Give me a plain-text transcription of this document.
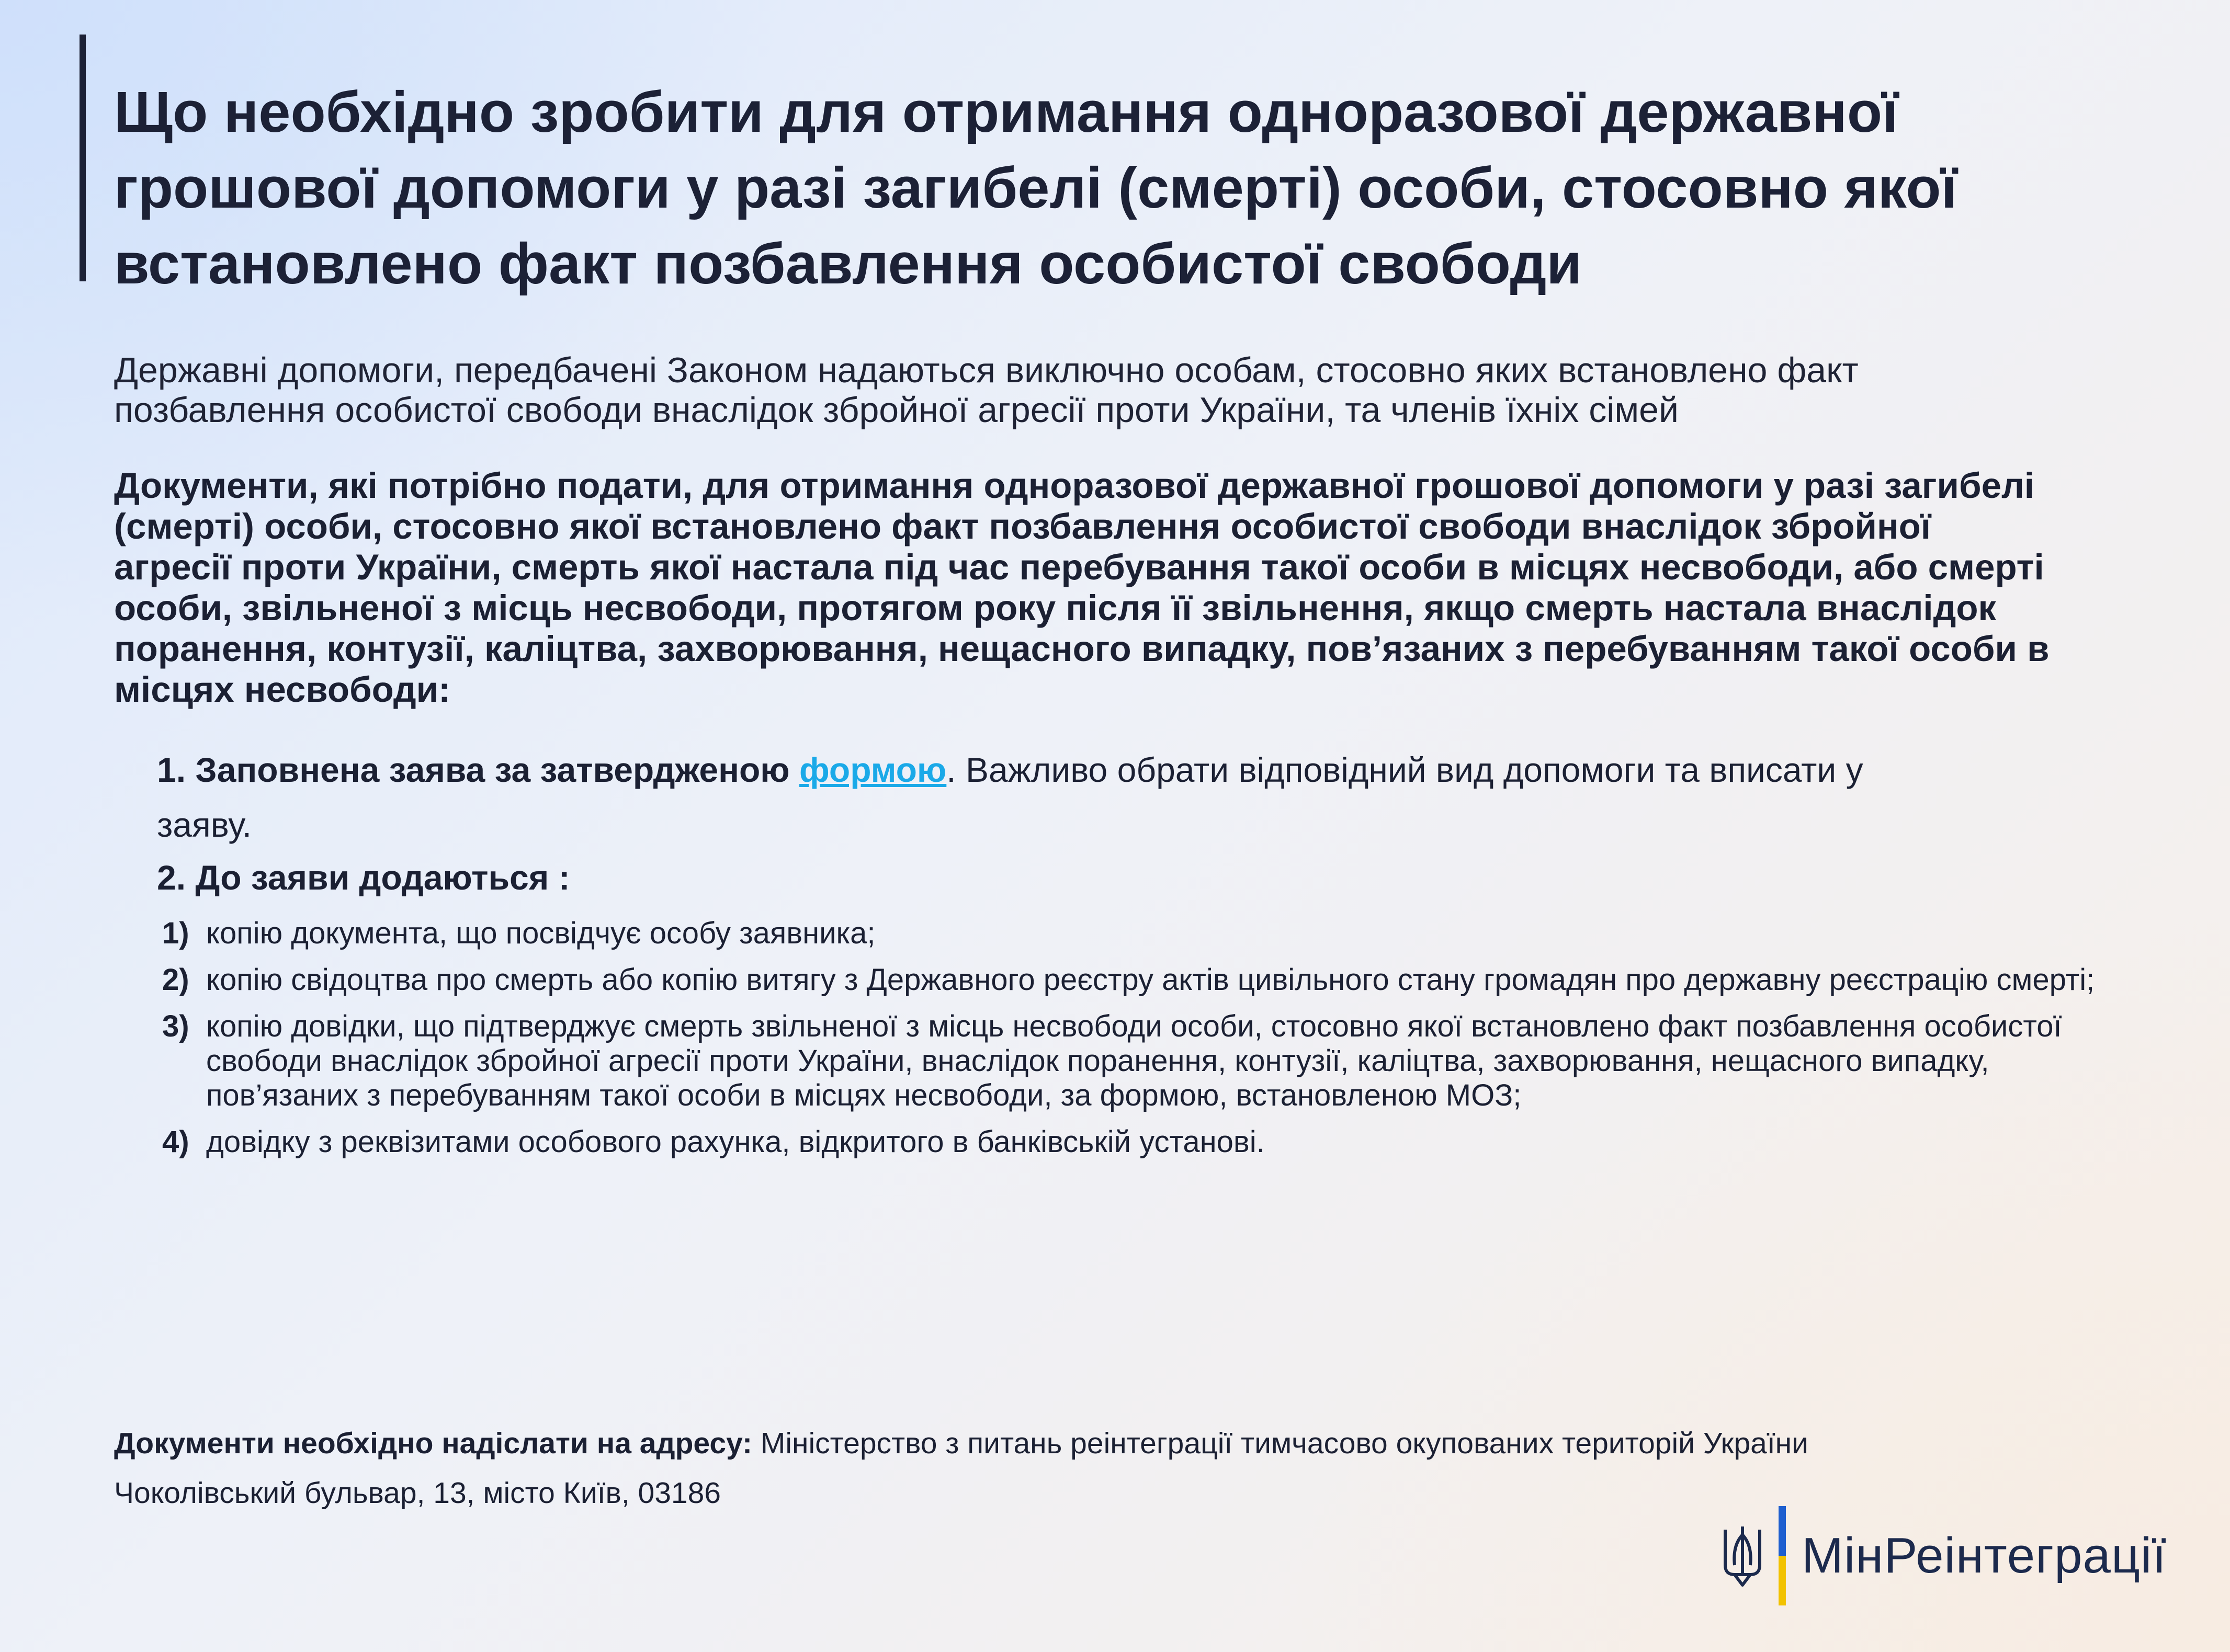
Що необхідно зробити для отримання одноразової державної грошової допомоги у разі загибелі (смерті) особи, стосовно якої встановлено факт позбавлення особистої свободи

Державні допомоги, передбачені Законом надаються виключно особам, стосовно яких встановлено факт позбавлення особистої свободи внаслідок збройної агресії проти України, та членів їхніх сімей

Документи, які потрібно подати, для отримання одноразової державної грошової допомоги у разі загибелі (смерті) особи, стосовно якої встановлено факт позбавлення особистої свободи внаслідок збройної агресії проти України, смерть якої настала під час перебування такої особи в місцях несвободи, або смерті особи, звільненої з місць несвободи, протягом року після її звільнення, якщо смерть настала внаслідок поранення, контузії, каліцтва, захворювання, нещасного випадку, пов’язаних з перебуванням такої особи в місцях несвободи:

1. Заповнена заява за затвердженою формою. Важливо обрати відповідний вид допомоги та вписати у заяву.

2. До заяви додаються :

1) копію документа, що посвідчує особу заявника;
2) копію свідоцтва про смерть або копію витягу з Державного реєстру актів цивільного стану громадян про державну реєстрацію смерті;
3) копію довідки, що підтверджує смерть звільненої з місць несвободи особи, стосовно якої встановлено факт позбавлення особистої свободи внаслідок збройної агресії проти України, внаслідок поранення, контузії, каліцтва, захворювання, нещасного випадку, пов’язаних з перебуванням такої особи в місцях несвободи, за формою, встановленою МОЗ;
4) довідку з реквізитами особового рахунка, відкритого в банківській установі.

Документи необхідно надіслати на адресу: Міністерство з питань реінтеграції тимчасово окупованих територій України

Чоколівський бульвар, 13, місто Київ, 03186

МінРеінтеграції
